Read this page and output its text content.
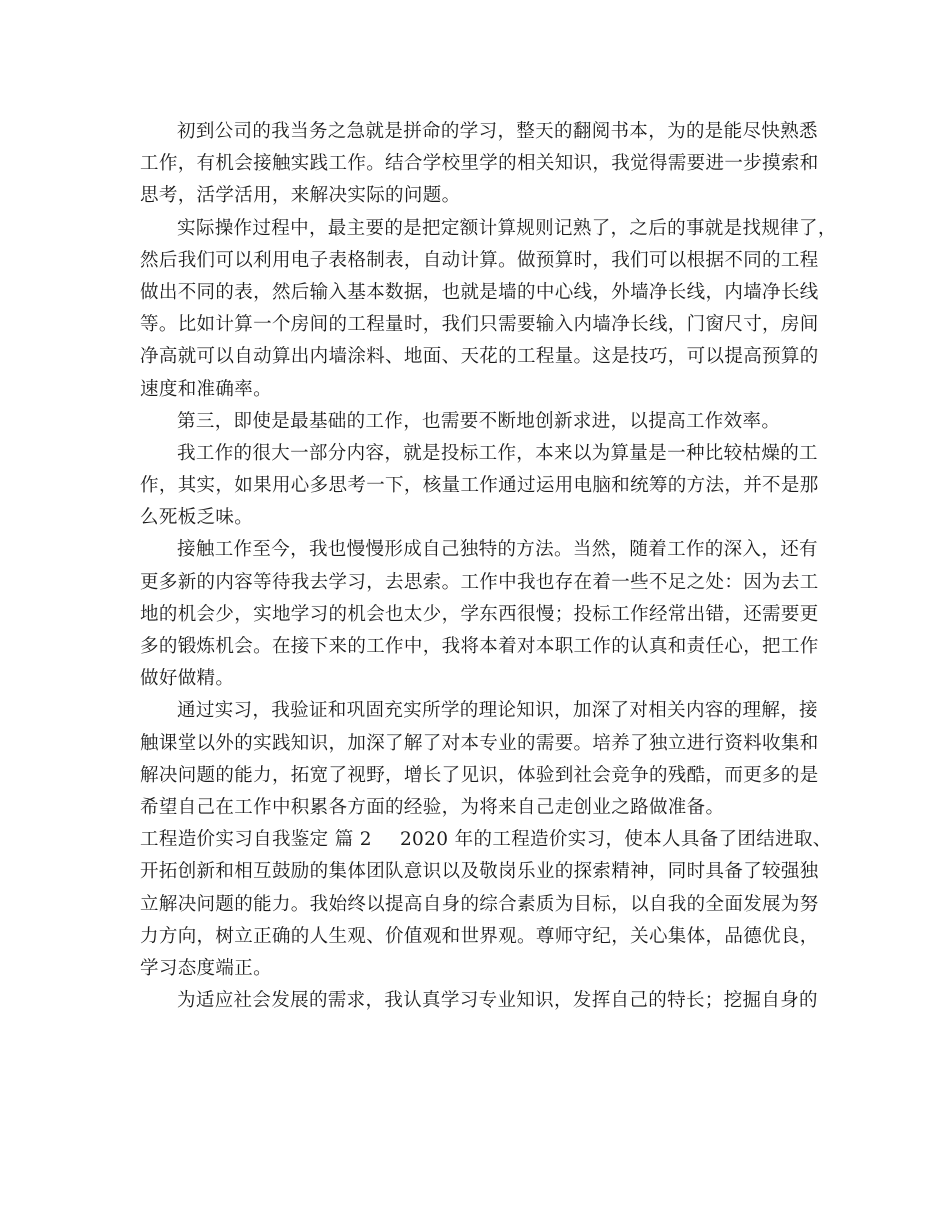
初到公司的我当务之急就是拼命的学习，整天的翻阅书本，为的是能尽快熟悉
工作，有机会接触实践工作。结合学校里学的相关知识，我觉得需要进一步摸索和
思考，活学活用，来解决实际的问题。
实际操作过程中，最主要的是把定额计算规则记熟了，之后的事就是找规律了，
然后我们可以利用电子表格制表，自动计算。做预算时，我们可以根据不同的工程
做出不同的表，然后输入基本数据，也就是墙的中心线，外墙净长线，内墙净长线
等。比如计算一个房间的工程量时，我们只需要输入内墙净长线，门窗尺寸，房间
净高就可以自动算出内墙涂料、地面、天花的工程量。这是技巧，可以提高预算的
速度和准确率。
第三，即使是最基础的工作，也需要不断地创新求进，以提高工作效率。
我工作的很大一部分内容，就是投标工作，本来以为算量是一种比较枯燥的工
作，其实，如果用心多思考一下，核量工作通过运用电脑和统筹的方法，并不是那
么死板乏味。
接触工作至今，我也慢慢形成自己独特的方法。当然，随着工作的深入，还有
更多新的内容等待我去学习，去思索。工作中我也存在着一些不足之处：因为去工
地的机会少，实地学习的机会也太少，学东西很慢；投标工作经常出错，还需要更
多的锻炼机会。在接下来的工作中，我将本着对本职工作的认真和责任心，把工作
做好做精。
通过实习，我验证和巩固充实所学的理论知识，加深了对相关内容的理解，接
触课堂以外的实践知识，加深了解了对本专业的需要。培养了独立进行资料收集和
解决问题的能力，拓宽了视野，增长了见识，体验到社会竞争的残酷，而更多的是
希望自己在工作中积累各方面的经验，为将来自己走创业之路做准备。
工程造价实习自我鉴定 篇 2 2020 年的工程造价实习，使本人具备了团结进取、
开拓创新和相互鼓励的集体团队意识以及敬岗乐业的探索精神，同时具备了较强独
立解决问题的能力。我始终以提高自身的综合素质为目标，以自我的全面发展为努
力方向，树立正确的人生观、价值观和世界观。尊师守纪，关心集体，品德优良，
学习态度端正。
为适应社会发展的需求，我认真学习专业知识，发挥自己的特长；挖掘自身的
